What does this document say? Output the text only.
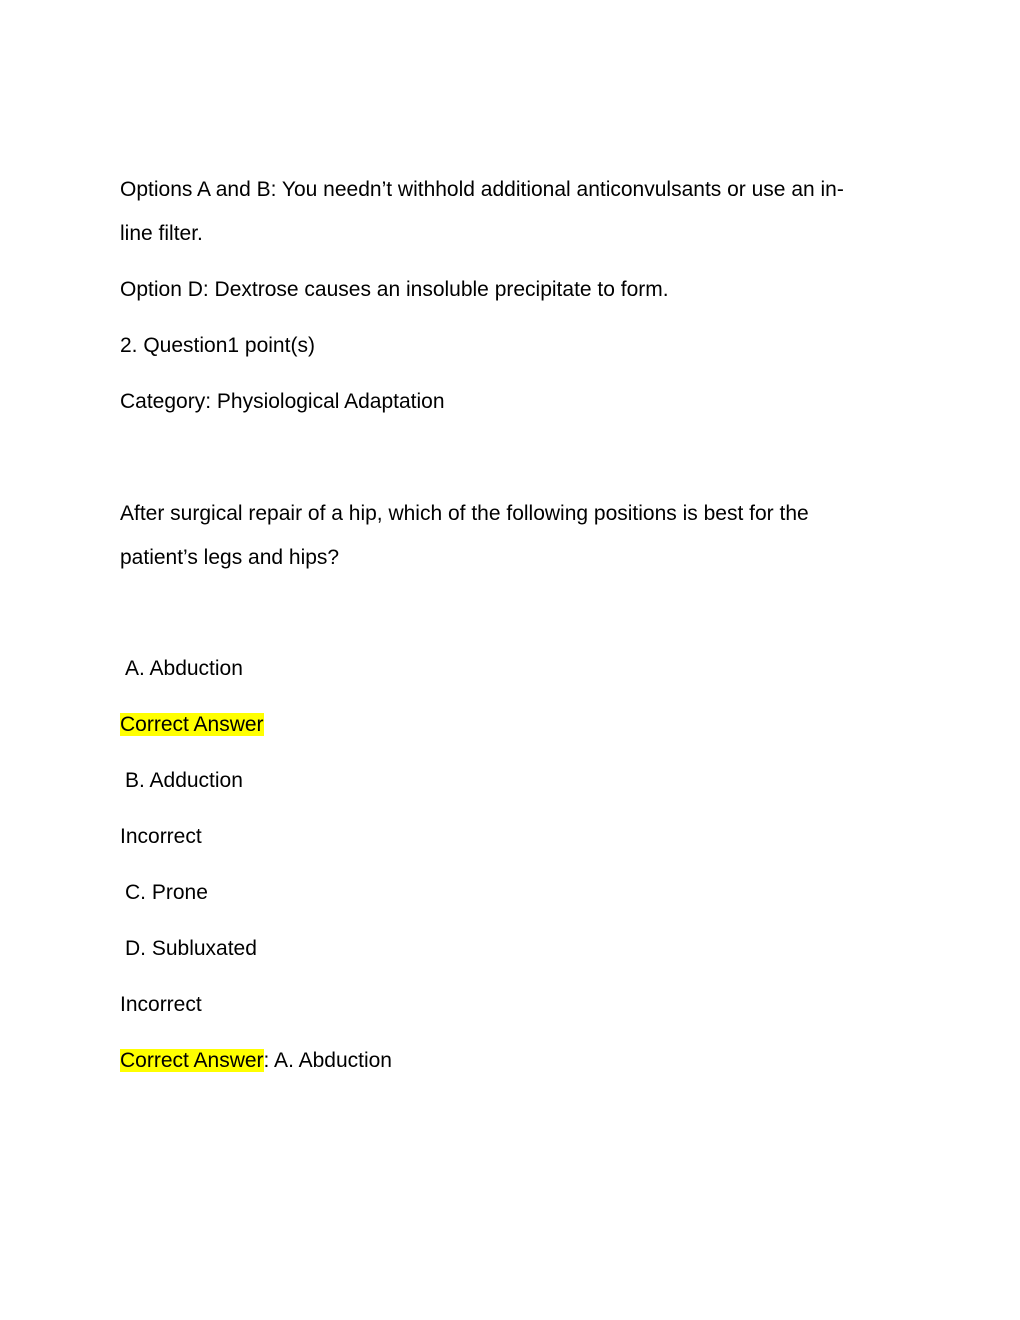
Options A and B: You needn’t withhold additional anticonvulsants or use an in-
line filter.
Option D: Dextrose causes an insoluble precipitate to form.
2. Question1 point(s)
Category: Physiological Adaptation
After surgical repair of a hip, which of the following positions is best for the
patient’s legs and hips?
A. Abduction
Correct Answer
B. Adduction
Incorrect
C. Prone
D. Subluxated
Incorrect
Correct Answer: A. Abduction
